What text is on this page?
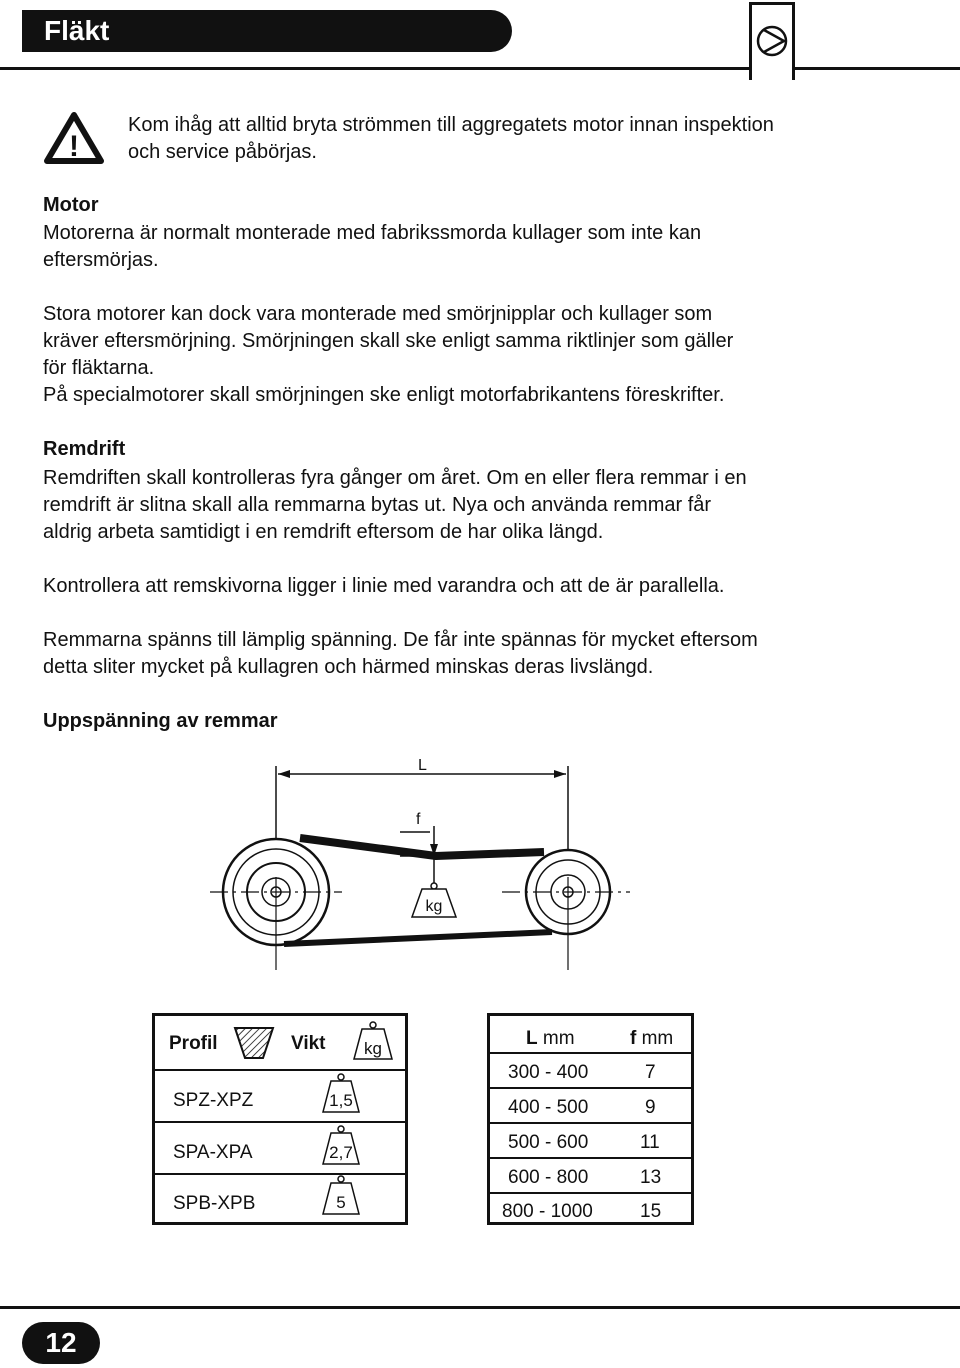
Fläkt
!
Kom ihåg att alltid bryta strömmen till aggregatets motor innan inspektion
och service påbörjas.
Motor
Motorerna är normalt monterade med fabrikssmorda kullager som inte kan
eftersmörjas.
Stora motorer kan dock vara monterade med smörjnipplar och kullager som
kräver eftersmörjning. Smörjningen skall ske enligt samma riktlinjer som gäller
för fläktarna.
På specialmotorer skall smörjningen ske enligt motorfabrikantens föreskrifter.
Remdrift
Remdriften skall kontrolleras fyra gånger om året. Om en eller flera remmar i en
remdrift är slitna skall alla remmarna bytas ut. Nya och använda remmar får
aldrig arbeta samtidigt i en remdrift eftersom de har olika längd.
Kontrollera att remskivorna ligger i linie med varandra och att de är parallella.
Remmarna spänns till lämplig spänning. De får inte spännas för mycket eftersom
detta sliter mycket på kullagren och härmed minskas deras livslängd.
Uppspänning av remmar
L
f
kg
Profil	Vikt kg
SPZ-XPZ	1,5
SPA-XPA	2,7
SPB-XPB	5
L mm	f mm
300 - 400	7
400 - 500	9
500 - 600	11
600 - 800	13
800 - 1000 15
12
